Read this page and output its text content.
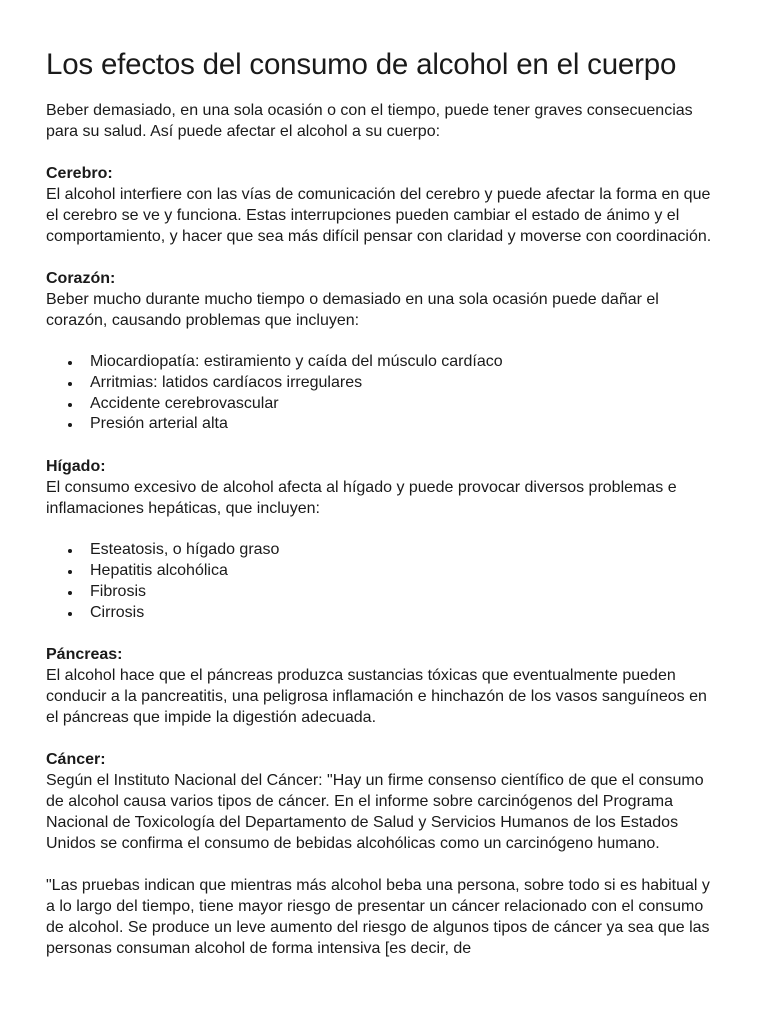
Los efectos del consumo de alcohol en el cuerpo

Beber demasiado, en una sola ocasión o con el tiempo, puede tener graves consecuencias para su salud. Así puede afectar el alcohol a su cuerpo:

Cerebro:

El alcohol interfiere con las vías de comunicación del cerebro y puede afectar la forma en que el cerebro se ve y funciona. Estas interrupciones pueden cambiar el estado de ánimo y el comportamiento, y hacer que sea más difícil pensar con claridad y moverse con coordinación.

Corazón:

Beber mucho durante mucho tiempo o demasiado en una sola ocasión puede dañar el corazón, causando problemas que incluyen:

Miocardiopatía: estiramiento y caída del músculo cardíaco
Arritmias: latidos cardíacos irregulares
Accidente cerebrovascular
Presión arterial alta
Hígado:

El consumo excesivo de alcohol afecta al hígado y puede provocar diversos problemas e inflamaciones hepáticas, que incluyen:

Esteatosis, o hígado graso
Hepatitis alcohólica
Fibrosis
Cirrosis
Páncreas:

El alcohol hace que el páncreas produzca sustancias tóxicas que eventualmente pueden conducir a la pancreatitis, una peligrosa inflamación e hinchazón de los vasos sanguíneos en el páncreas que impide la digestión adecuada.

Cáncer:

Según el Instituto Nacional del Cáncer: "Hay un firme consenso científico de que el consumo de alcohol causa varios tipos de cáncer. En el informe sobre carcinógenos del Programa Nacional de Toxicología del Departamento de Salud y Servicios Humanos de los Estados Unidos se confirma el consumo de bebidas alcohólicas como un carcinógeno humano.

"Las pruebas indican que mientras más alcohol beba una persona, sobre todo si es habitual y a lo largo del tiempo, tiene mayor riesgo de presentar un cáncer relacionado con el consumo de alcohol. Se produce un leve aumento del riesgo de algunos tipos de cáncer ya sea que las personas consuman alcohol de forma intensiva [es decir, de
